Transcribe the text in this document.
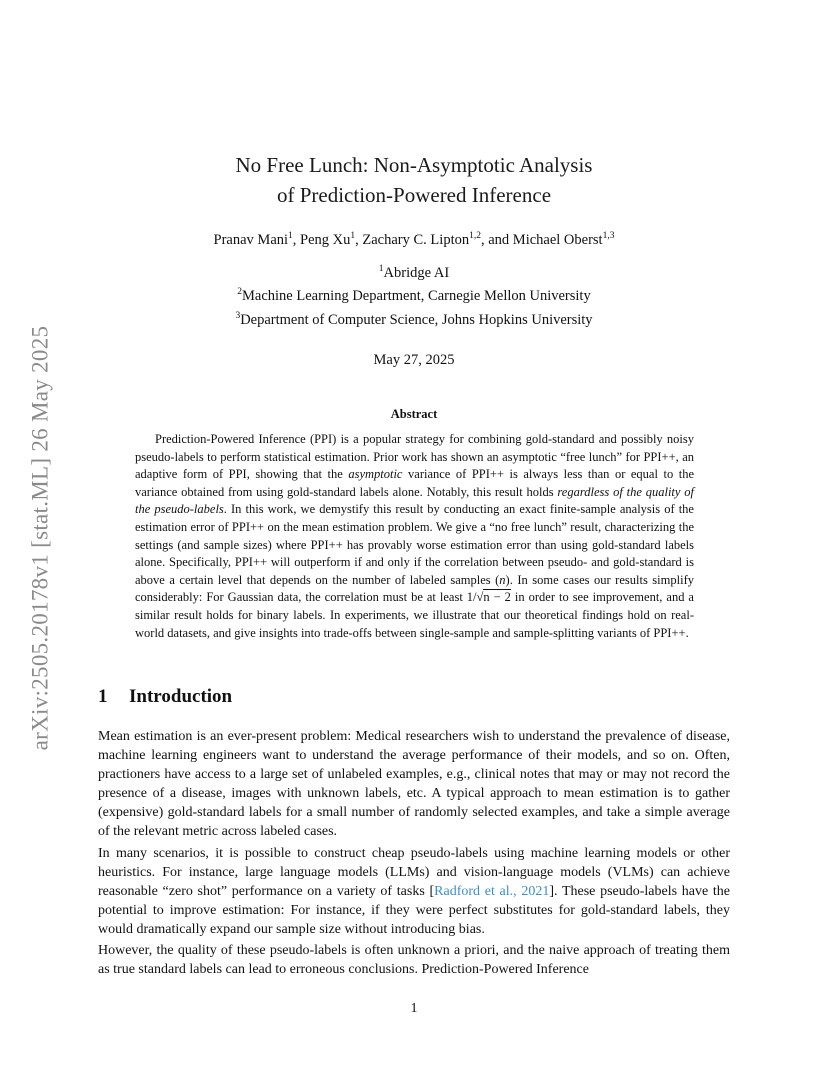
arXiv:2505.20178v1 [stat.ML] 26 May 2025
No Free Lunch: Non-Asymptotic Analysis
of Prediction-Powered Inference
Pranav Mani$^1$, Peng Xu$^1$, Zachary C. Lipton$^{1,2}$, and Michael Oberst$^{1,3}$
$^1$Abridge AI
$^2$Machine Learning Department, Carnegie Mellon University
$^3$Department of Computer Science, Johns Hopkins University
May 27, 2025
Abstract
Prediction-Powered Inference (PPI) is a popular strategy for combining gold-standard and possibly noisy pseudo-labels to perform statistical estimation. Prior work has shown an asymptotic “free lunch” for PPI++, an adaptive form of PPI, showing that the asymptotic variance of PPI++ is always less than or equal to the variance obtained from using gold-standard labels alone. Notably, this result holds regardless of the quality of the pseudo-labels. In this work, we demystify this result by conducting an exact finite-sample analysis of the estimation error of PPI++ on the mean estimation problem. We give a “no free lunch” result, characterizing the settings (and sample sizes) where PPI++ has provably worse estimation error than using gold-standard labels alone. Specifically, PPI++ will outperform if and only if the correlation between pseudo- and gold-standard is above a certain level that depends on the number of labeled samples (n). In some cases our results simplify considerably: For Gaussian data, the correlation must be at least 1/√n − 2 in order to see improvement, and a similar result holds for binary labels. In experiments, we illustrate that our theoretical findings hold on real-world datasets, and give insights into trade-offs between single-sample and sample-splitting variants of PPI++.
1 Introduction
Mean estimation is an ever-present problem: Medical researchers wish to understand the prevalence of disease, machine learning engineers want to understand the average performance of their models, and so on. Often, practioners have access to a large set of unlabeled examples, e.g., clinical notes that may or may not record the presence of a disease, images with unknown labels, etc. A typical approach to mean estimation is to gather (expensive) gold-standard labels for a small number of randomly selected examples, and take a simple average of the relevant metric across labeled cases.
In many scenarios, it is possible to construct cheap pseudo-labels using machine learning models or other heuristics. For instance, large language models (LLMs) and vision-language models (VLMs) can achieve reasonable “zero shot” performance on a variety of tasks [Radford et al., 2021]. These pseudo-labels have the potential to improve estimation: For instance, if they were perfect substitutes for gold-standard labels, they would dramatically expand our sample size without introducing bias.
However, the quality of these pseudo-labels is often unknown a priori, and the naive approach of treating them as true standard labels can lead to erroneous conclusions. Prediction-Powered Inference
1
